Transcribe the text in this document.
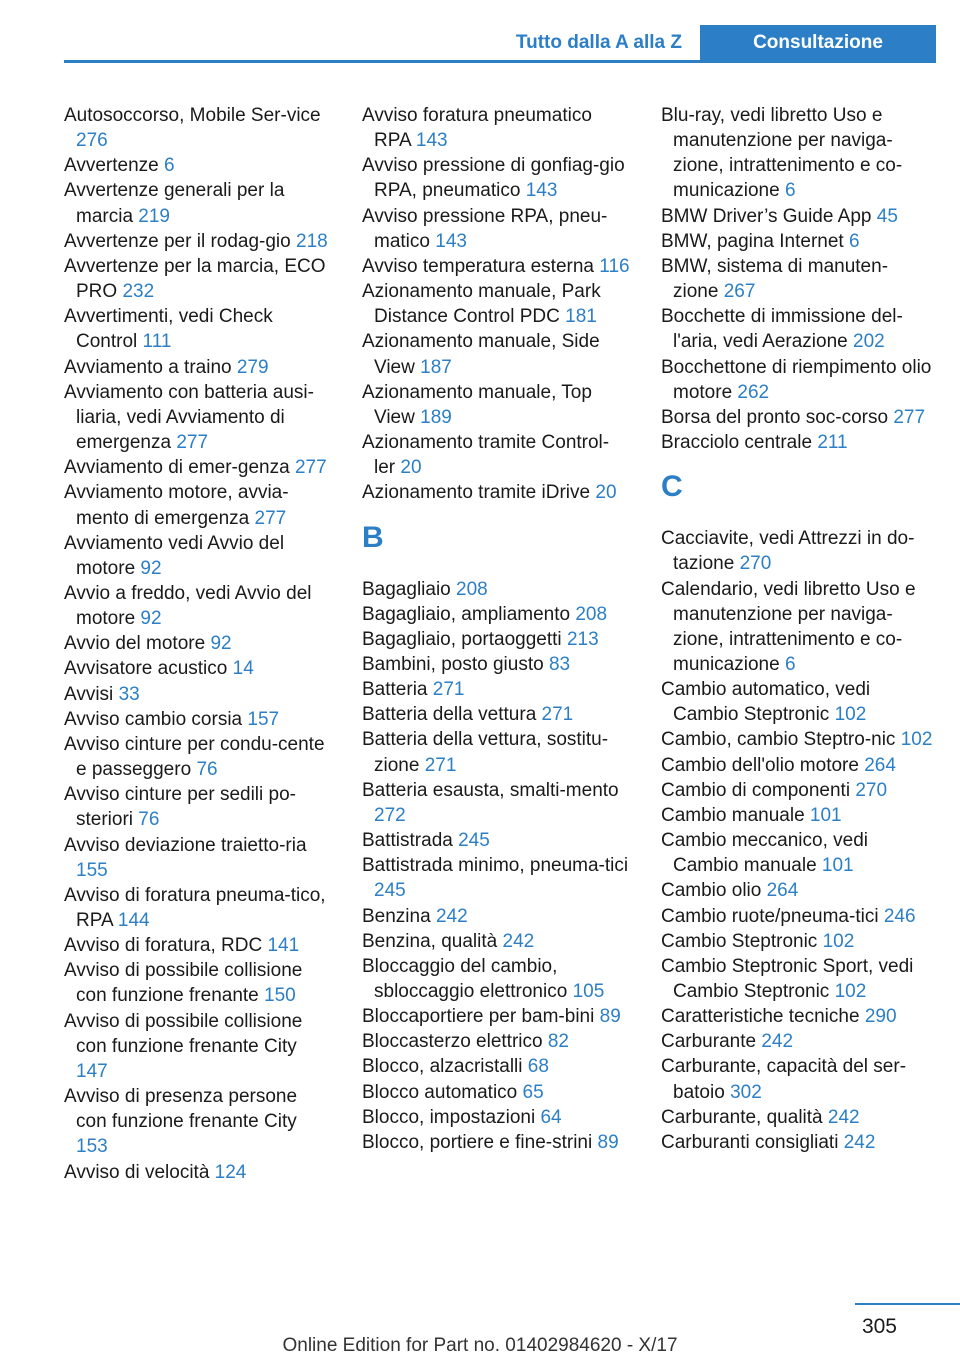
Tutto dalla A alla Z	Consultazione
Autosoccorso, Mobile Ser‐vice 276
Avvertenze 6
Avvertenze generali per la marcia 219
Avvertenze per il rodag‐gio 218
Avvertenze per la marcia, ECO PRO 232
Avvertimenti, vedi Check Control 111
Avviamento a traino 279
Avviamento con batteria ausi‐liaria, vedi Avviamento di emergenza 277
Avviamento di emer‐genza 277
Avviamento motore, avvia‐mento di emergenza 277
Avviamento vedi Avvio del motore 92
Avvio a freddo, vedi Avvio del motore 92
Avvio del motore 92
Avvisatore acustico 14
Avvisi 33
Avviso cambio corsia 157
Avviso cinture per condu‐cente e passeggero 76
Avviso cinture per sedili po‐steriori 76
Avviso deviazione traietto‐ria 155
Avviso di foratura pneuma‐tico, RPA 144
Avviso di foratura, RDC 141
Avviso di possibile collisione con funzione frenante 150
Avviso di possibile collisione con funzione frenante City 147
Avviso di presenza persone con funzione frenante City 153
Avviso di velocità 124
Avviso foratura pneumatico RPA 143
Avviso pressione di gonfiag‐gio RPA, pneumatico 143
Avviso pressione RPA, pneu‐matico 143
Avviso temperatura esterna 116
Azionamento manuale, Park Distance Control PDC 181
Azionamento manuale, Side View 187
Azionamento manuale, Top View 189
Azionamento tramite Control‐ler 20
Azionamento tramite iDrive 20
B
Bagagliaio 208
Bagagliaio, ampliamento 208
Bagagliaio, portaoggetti 213
Bambini, posto giusto 83
Batteria 271
Batteria della vettura 271
Batteria della vettura, sostitu‐zione 271
Batteria esausta, smalti‐mento 272
Battistrada 245
Battistrada minimo, pneuma‐tici 245
Benzina 242
Benzina, qualità 242
Bloccaggio del cambio, sbloccaggio elettronico 105
Bloccaportiere per bam‐bini 89
Bloccasterzo elettrico 82
Blocco, alzacristalli 68
Blocco automatico 65
Blocco, impostazioni 64
Blocco, portiere e fine‐strini 89
Blu-ray, vedi libretto Uso e manutenzione per naviga‐zione, intrattenimento e co‐municazione 6
BMW Driver’s Guide App 45
BMW, pagina Internet 6
BMW, sistema di manuten‐zione 267
Bocchette di immissione del‐l'aria, vedi Aerazione 202
Bocchettone di riempimento olio motore 262
Borsa del pronto soc‐corso 277
Bracciolo centrale 211
C
Cacciavite, vedi Attrezzi in do‐tazione 270
Calendario, vedi libretto Uso e manutenzione per naviga‐zione, intrattenimento e co‐municazione 6
Cambio automatico, vedi Cambio Steptronic 102
Cambio, cambio Steptro‐nic 102
Cambio dell'olio motore 264
Cambio di componenti 270
Cambio manuale 101
Cambio meccanico, vedi Cambio manuale 101
Cambio olio 264
Cambio ruote/pneuma‐tici 246
Cambio Steptronic 102
Cambio Steptronic Sport, vedi Cambio Steptronic 102
Caratteristiche tecniche 290
Carburante 242
Carburante, capacità del ser‐batoio 302
Carburante, qualità 242
Carburanti consigliati 242
305
Online Edition for Part no. 01402984620 - X/17
